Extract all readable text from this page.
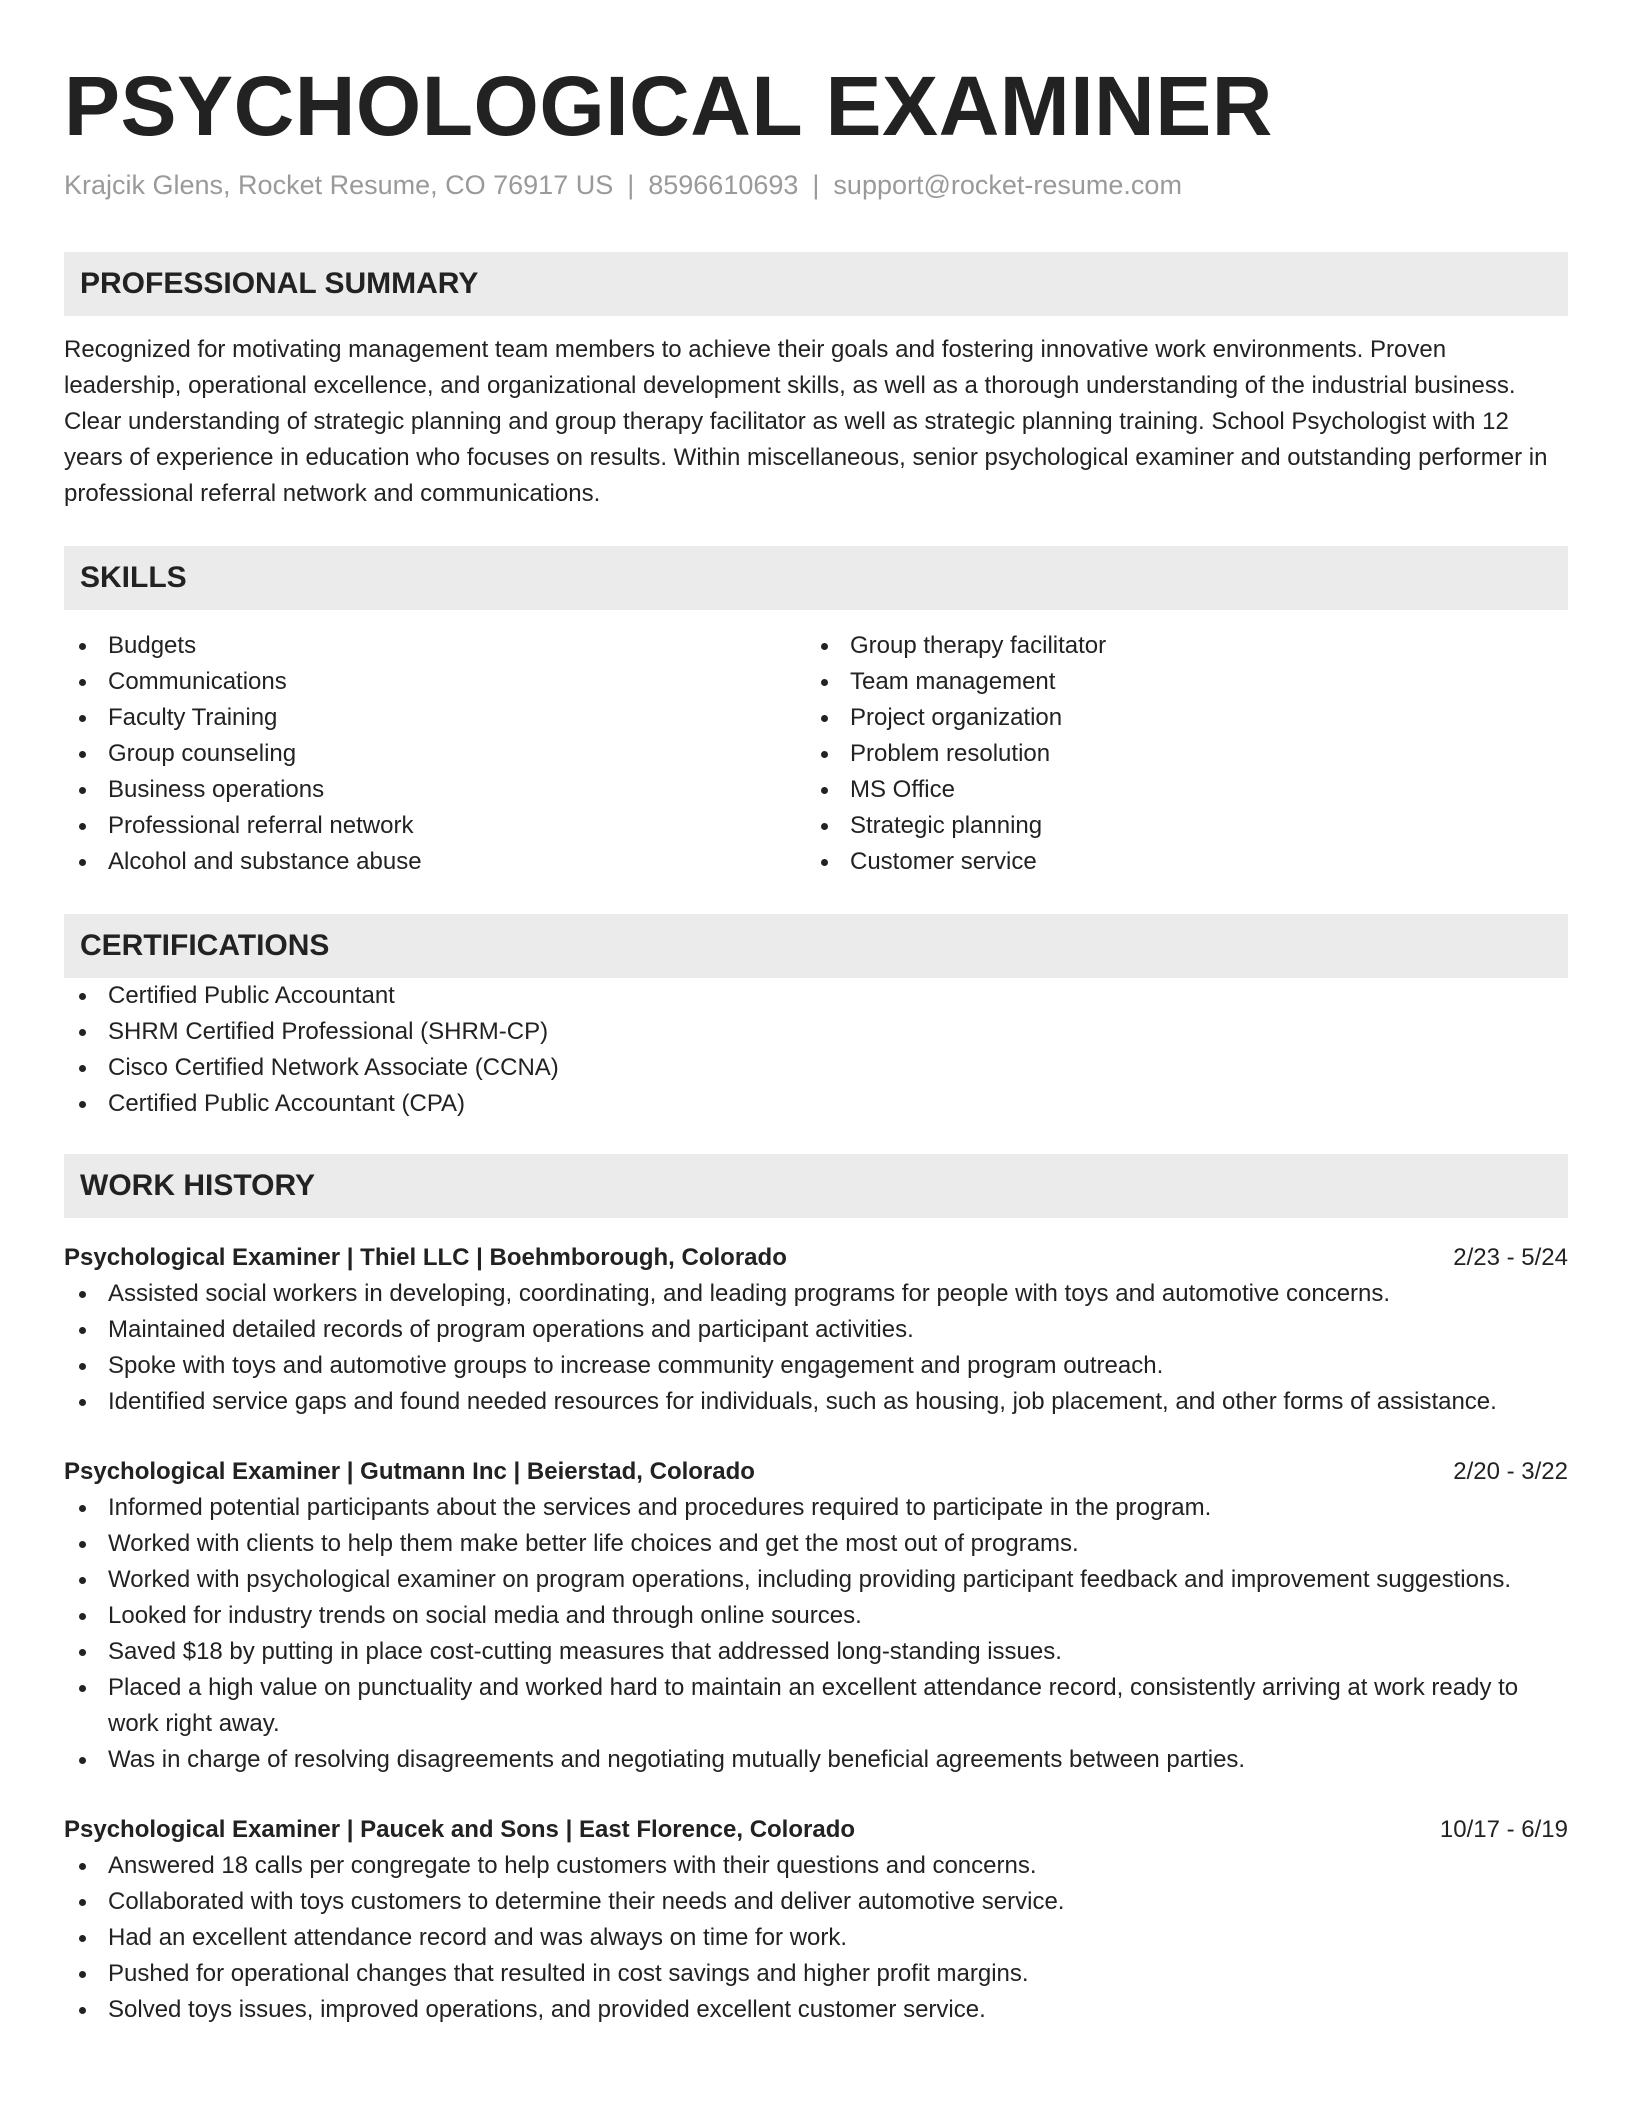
PSYCHOLOGICAL EXAMINER
Krajcik Glens, Rocket Resume, CO 76917 US | 8596610693 | support@rocket-resume.com
PROFESSIONAL SUMMARY

Recognized for motivating management team members to achieve their goals and fostering innovative work environments. Proven leadership, operational excellence, and organizational development skills, as well as a thorough understanding of the industrial business. Clear understanding of strategic planning and group therapy facilitator as well as strategic planning training. School Psychologist with 12 years of experience in education who focuses on results. Within miscellaneous, senior psychological examiner and outstanding performer in professional referral network and communications.

SKILLS
Budgets
Communications
Faculty Training
Group counseling
Business operations
Professional referral network
Alcohol and substance abuse
Group therapy facilitator
Team management
Project organization
Problem resolution
MS Office
Strategic planning
Customer service
CERTIFICATIONS
Certified Public Accountant
SHRM Certified Professional (SHRM-CP)
Cisco Certified Network Associate (CCNA)
Certified Public Accountant (CPA)
WORK HISTORY
Psychological Examiner | Thiel LLC | Boehmborough, Colorado	2/23 - 5/24
Assisted social workers in developing, coordinating, and leading programs for people with toys and automotive concerns.
Maintained detailed records of program operations and participant activities.
Spoke with toys and automotive groups to increase community engagement and program outreach.
Identified service gaps and found needed resources for individuals, such as housing, job placement, and other forms of assistance.
Psychological Examiner | Gutmann Inc | Beierstad, Colorado	2/20 - 3/22
Informed potential participants about the services and procedures required to participate in the program.
Worked with clients to help them make better life choices and get the most out of programs.
Worked with psychological examiner on program operations, including providing participant feedback and improvement suggestions.
Looked for industry trends on social media and through online sources.
Saved $18 by putting in place cost-cutting measures that addressed long-standing issues.
Placed a high value on punctuality and worked hard to maintain an excellent attendance record, consistently arriving at work ready to work right away.
Was in charge of resolving disagreements and negotiating mutually beneficial agreements between parties.
Psychological Examiner | Paucek and Sons | East Florence, Colorado	10/17 - 6/19
Answered 18 calls per congregate to help customers with their questions and concerns.
Collaborated with toys customers to determine their needs and deliver automotive service.
Had an excellent attendance record and was always on time for work.
Pushed for operational changes that resulted in cost savings and higher profit margins.
Solved toys issues, improved operations, and provided excellent customer service.
